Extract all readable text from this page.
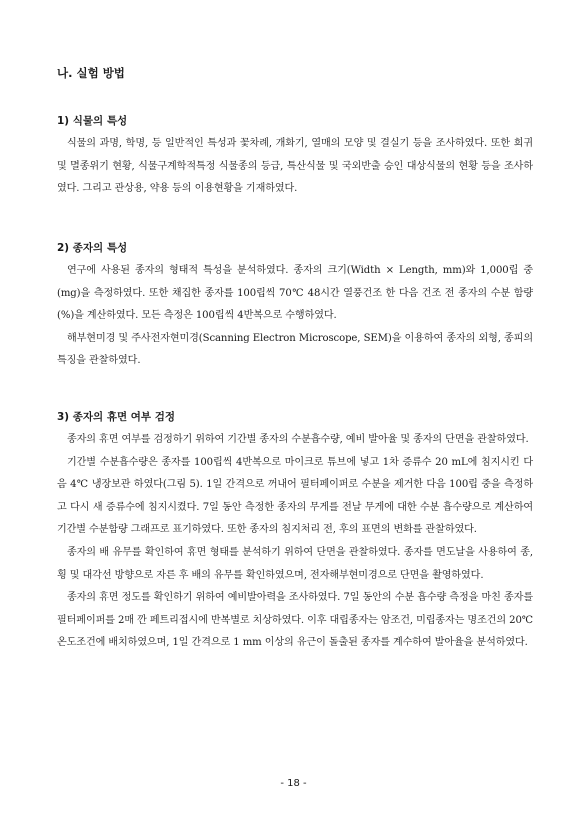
나. 실험 방법
1) 식물의 특성

식물의 과명, 학명, 등 일반적인 특성과 꽃차례, 개화기, 열매의 모양 및 결실기 등을 조사하였다. 또한 희귀 및 멸종위기 현황, 식물구계학적특정 식물종의 등급, 특산식물 및 국외반출 승인 대상식물의 현황 등을 조사하였다. 그리고 관상용, 약용 등의 이용현황을 기재하였다.

2) 종자의 특성

연구에 사용된 종자의 형태적 특성을 분석하였다. 종자의 크기(Width × Length, mm)와 1,000립 중(mg)을 측정하였다. 또한 채집한 종자를 100립씩 70℃ 48시간 열풍건조 한 다음 건조 전 종자의 수분 함량(%)을 계산하였다. 모든 측정은 100립씩 4반복으로 수행하였다.

해부현미경 및 주사전자현미경(Scanning Electron Microscope, SEM)을 이용하여 종자의 외형, 종피의 특징을 관찰하였다.

3) 종자의 휴면 여부 검정

종자의 휴면 여부를 검정하기 위하여 기간별 종자의 수분흡수량, 예비 발아율 및 종자의 단면을 관찰하였다.

기간별 수분흡수량은 종자를 100립씩 4반복으로 마이크로 튜브에 넣고 1차 증류수 20 mL에 침지시킨 다음 4℃ 냉장보관 하였다(그림 5). 1일 간격으로 꺼내어 필터페이퍼로 수분을 제거한 다음 100립 중을 측정하고 다시 새 증류수에 침지시켰다. 7일 동안 측정한 종자의 무게를 전날 무게에 대한 수분 흡수량으로 계산하여 기간별 수분함량 그래프로 표기하였다. 또한 종자의 침지처리 전, 후의 표면의 변화를 관찰하였다.

종자의 배 유무를 확인하여 휴면 형태를 분석하기 위하여 단면을 관찰하였다. 종자를 면도날을 사용하여 종, 횡 및 대각선 방향으로 자른 후 배의 유무를 확인하였으며, 전자해부현미경으로 단면을 촬영하였다.

종자의 휴면 정도를 확인하기 위하여 예비발아력을 조사하였다. 7일 동안의 수분 흡수량 측정을 마친 종자를 필터페이퍼를 2매 깐 페트리접시에 반복별로 치상하였다. 이후 대립종자는 암조건, 미립종자는 명조건의 20℃ 온도조건에 배치하였으며, 1일 간격으로 1 mm 이상의 유근이 돌출된 종자를 계수하여 발아율을 분석하였다.

- 18 -
